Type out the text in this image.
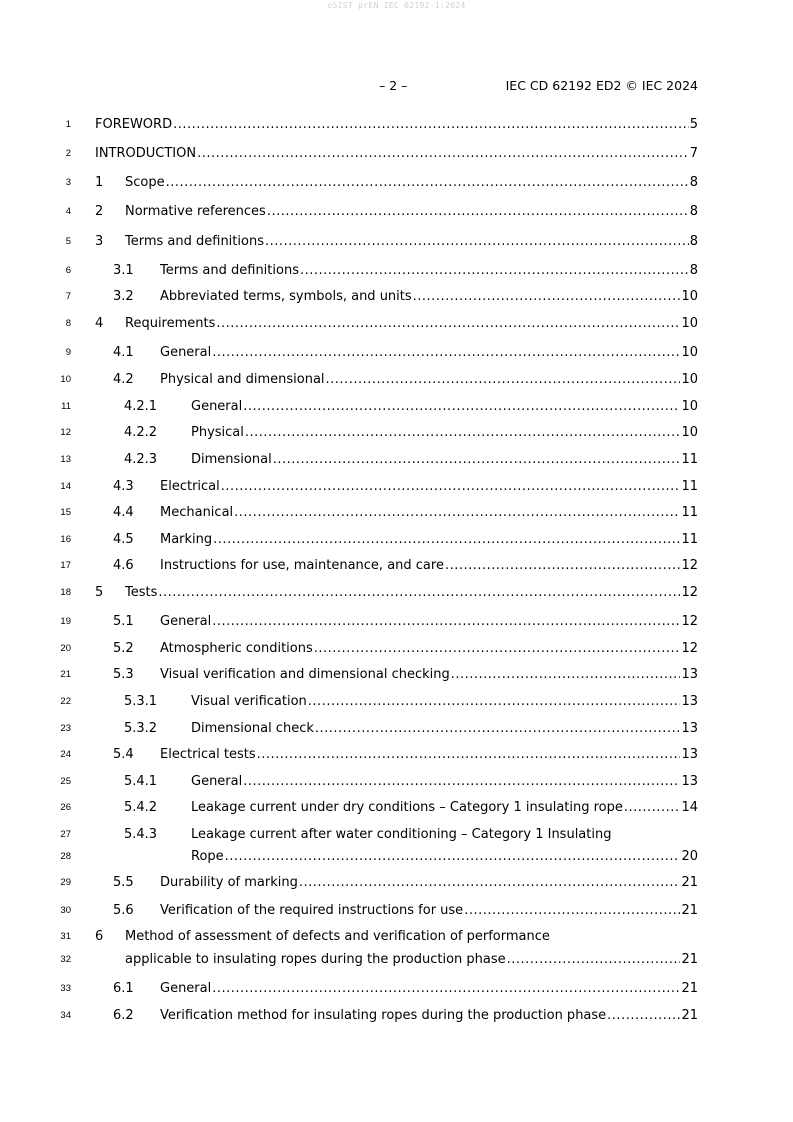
oSIST prEN IEC 62192-1:2024
– 2 –	IEC CD 62192 ED2 © IEC 2024
1 FOREWORD .....	5
2 INTRODUCTION .....	7
3 1 Scope .....	8
4 2 Normative references .....	8
5 3 Terms and definitions .....	8
6	3.1 Terms and definitions .....	8
7	3.2 Abbreviated terms, symbols, and units .....	10
8 4 Requirements .....	10
9	4.1 General .....	10
10	4.2 Physical and dimensional .....	10
11	4.2.1	General .....	10
12	4.2.2	Physical .....	10
13	4.2.3	Dimensional .....	11
14	4.3 Electrical .....	11
15	4.4 Mechanical .....	11
16	4.5 Marking .....	11
17	4.6 Instructions for use, maintenance, and care .....	12
18 5 Tests .....	12
19	5.1 General .....	12
20	5.2 Atmospheric conditions .....	12
21	5.3 Visual verification and dimensional checking .....	13
22	5.3.1	Visual verification .....	13
23	5.3.2	Dimensional check .....	13
24	5.4 Electrical tests .....	13
25	5.4.1	General .....	13
26	5.4.2	Leakage current under dry conditions – Category 1 insulating rope .....	14
27	5.4.3	Leakage current after water conditioning – Category 1 Insulating
28	Rope .....	20
29	5.5 Durability of marking .....	21
30	5.6 Verification of the required instructions for use .....	21
31 6 Method of assessment of defects and verification of performance
32	applicable to insulating ropes during the production phase .....	21
33	6.1 General .....	21
34	6.2 Verification method for insulating ropes during the production phase .....	21
